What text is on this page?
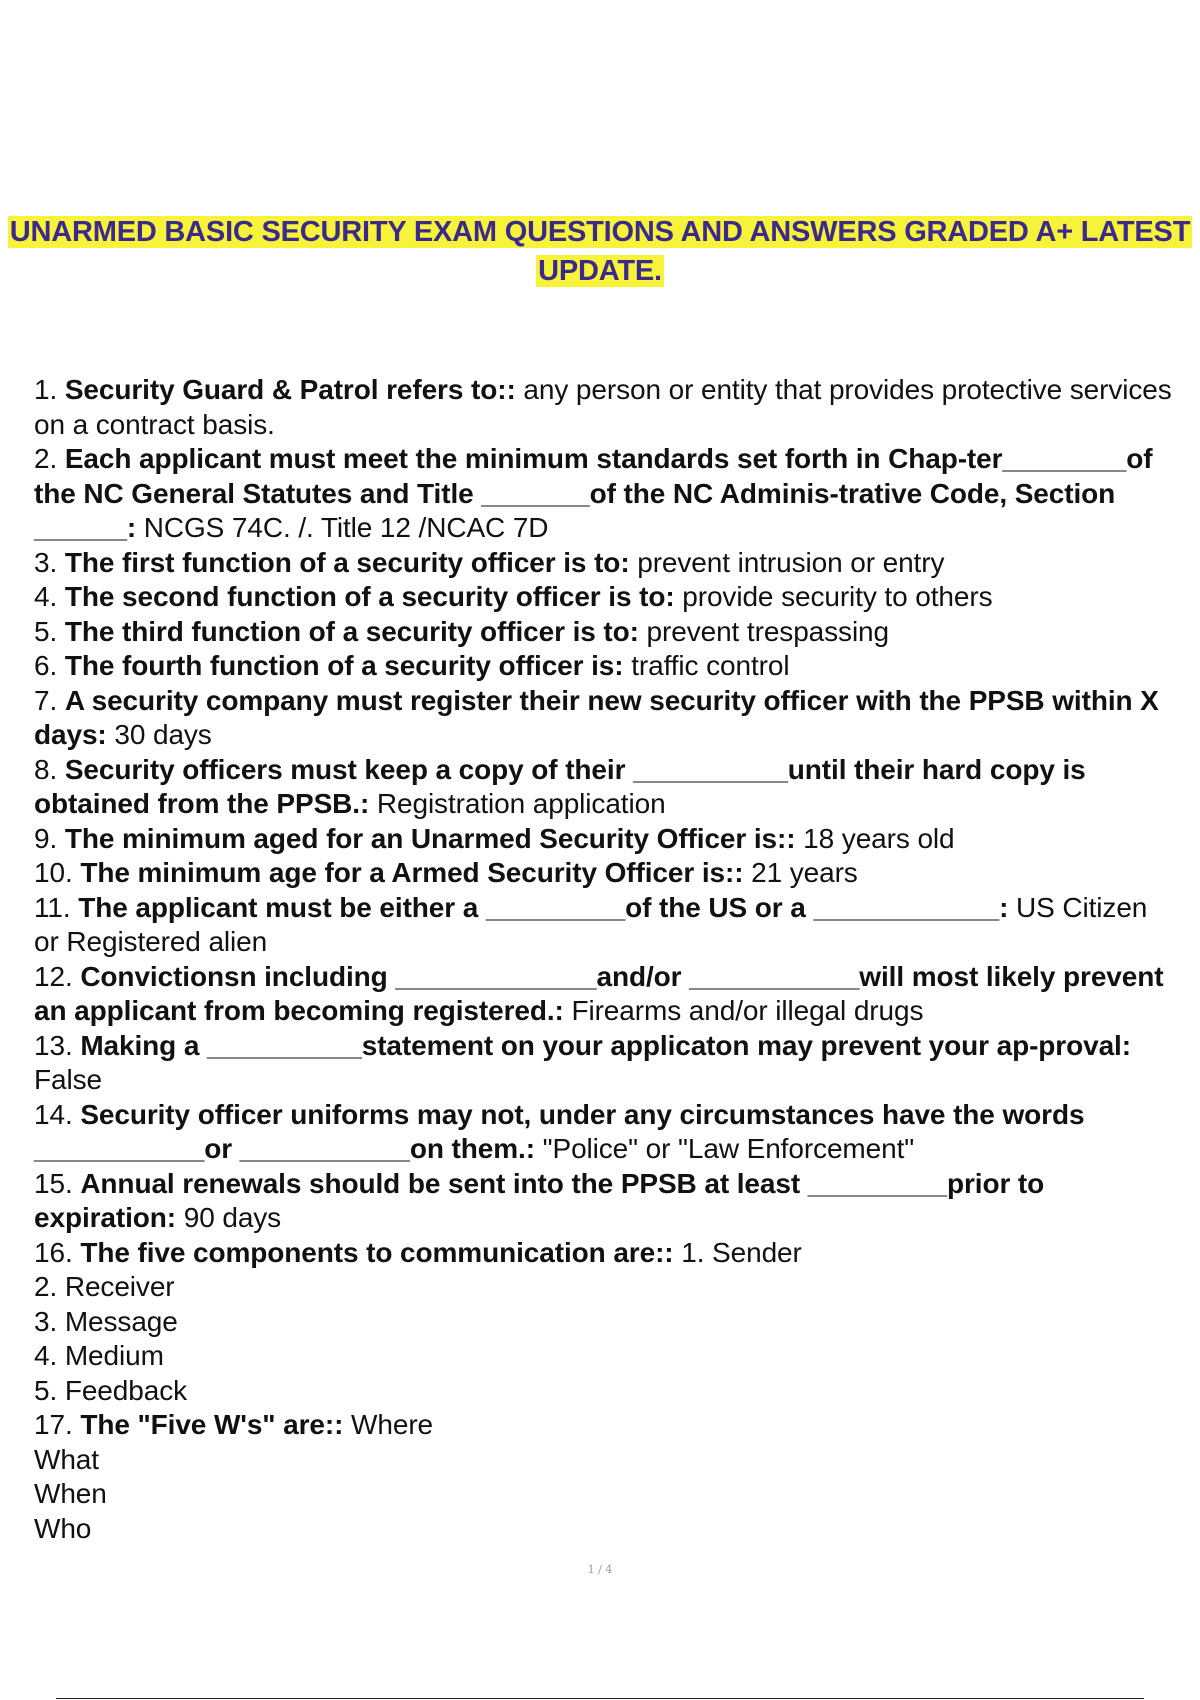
UNARMED BASIC SECURITY EXAM QUESTIONS AND ANSWERS GRADED A+ LATEST UPDATE.

1. Security Guard & Patrol refers to:: any person or entity that provides protective services on a contract basis.

2. Each applicant must meet the minimum standards set forth in Chap-ter________of the NC General Statutes and Title _______of the NC Adminis-trative Code, Section ______: NCGS 74C. /. Title 12 /NCAC 7D

3. The first function of a security officer is to: prevent intrusion or entry

4. The second function of a security officer is to: provide security to others

5. The third function of a security officer is to: prevent trespassing

6. The fourth function of a security officer is: traffic control

7. A security company must register their new security officer with the PPSB within X days: 30 days

8. Security officers must keep a copy of their __________until their hard copy is obtained from the PPSB.: Registration application

9. The minimum aged for an Unarmed Security Officer is:: 18 years old

10. The minimum age for a Armed Security Officer is:: 21 years

11. The applicant must be either a _________of the US or a ____________: US Citizen or Registered alien

12. Convictionsn including _____________and/or ___________will most likely prevent an applicant from becoming registered.: Firearms and/or illegal drugs

13. Making a __________statement on your applicaton may prevent your ap-proval: False

14. Security officer uniforms may not, under any circumstances have the words ___________or ___________on them.: "Police" or "Law Enforcement"

15. Annual renewals should be sent into the PPSB at least _________prior to expiration: 90 days

16. The five components to communication are:: 1. Sender

2. Receiver

3. Message

4. Medium

5. Feedback

17. The "Five W's" are:: Where

What

When

Who

1 / 4
